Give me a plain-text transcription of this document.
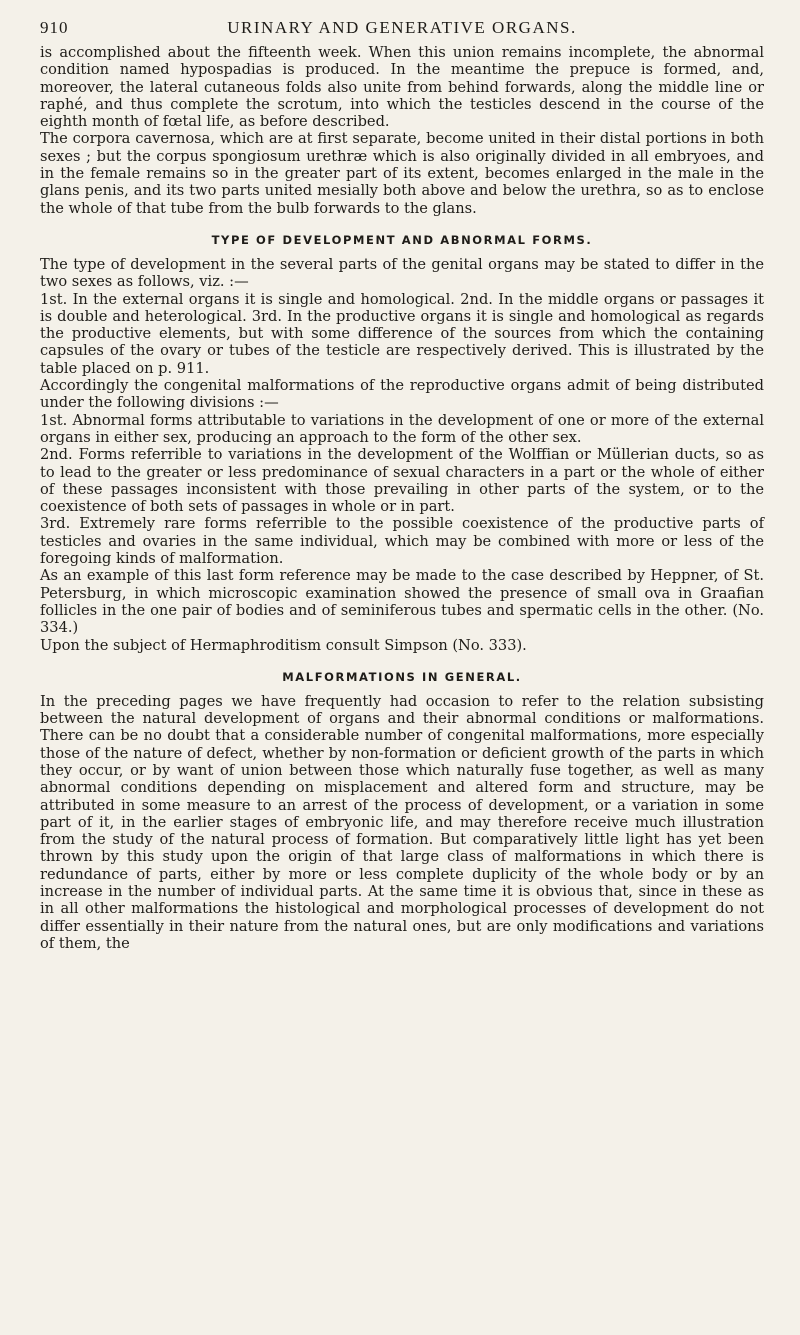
910	URINARY AND GENERATIVE ORGANS.

is accomplished about the fifteenth week. When this union remains incomplete, the abnormal condition named hypospadias is produced. In the meantime the prepuce is formed, and, moreover, the lateral cutaneous folds also unite from behind forwards, along the middle line or raphé, and thus complete the scrotum, into which the testicles descend in the course of the eighth month of fœtal life, as before described.

The corpora cavernosa, which are at first separate, become united in their distal portions in both sexes ; but the corpus spongiosum urethræ which is also originally divided in all embryoes, and in the female remains so in the greater part of its extent, becomes enlarged in the male in the glans penis, and its two parts united mesially both above and below the urethra, so as to enclose the whole of that tube from the bulb forwards to the glans.

TYPE OF DEVELOPMENT AND ABNORMAL FORMS.

The type of development in the several parts of the genital organs may be stated to differ in the two sexes as follows, viz. :—

1st. In the external organs it is single and homological. 2nd. In the middle organs or passages it is double and heterological. 3rd. In the productive organs it is single and homological as regards the productive elements, but with some difference of the sources from which the containing capsules of the ovary or tubes of the testicle are respectively derived. This is illustrated by the table placed on p. 911.

Accordingly the congenital malformations of the reproductive organs admit of being distributed under the following divisions :—

1st. Abnormal forms attributable to variations in the development of one or more of the external organs in either sex, producing an approach to the form of the other sex.

2nd. Forms referrible to variations in the development of the Wolffian or Müllerian ducts, so as to lead to the greater or less predominance of sexual characters in a part or the whole of either of these passages inconsistent with those prevailing in other parts of the system, or to the coexistence of both sets of passages in whole or in part.

3rd. Extremely rare forms referrible to the possible coexistence of the productive parts of testicles and ovaries in the same individual, which may be combined with more or less of the foregoing kinds of malformation.

As an example of this last form reference may be made to the case described by Heppner, of St. Petersburg, in which microscopic examination showed the presence of small ova in Graafian follicles in the one pair of bodies and of seminiferous tubes and spermatic cells in the other. (No. 334.)

Upon the subject of Hermaphroditism consult Simpson (No. 333).

MALFORMATIONS IN GENERAL.

In the preceding pages we have frequently had occasion to refer to the relation subsisting between the natural development of organs and their abnormal conditions or malformations. There can be no doubt that a considerable number of congenital malformations, more especially those of the nature of defect, whether by non-formation or deficient growth of the parts in which they occur, or by want of union between those which naturally fuse together, as well as many abnormal conditions depending on misplacement and altered form and structure, may be attributed in some measure to an arrest of the process of development, or a variation in some part of it, in the earlier stages of embryonic life, and may therefore receive much illustration from the study of the natural process of formation. But comparatively little light has yet been thrown by this study upon the origin of that large class of malformations in which there is redundance of parts, either by more or less complete duplicity of the whole body or by an increase in the number of individual parts. At the same time it is obvious that, since in these as in all other malformations the histological and morphological processes of development do not differ essentially in their nature from the natural ones, but are only modifications and variations of them, the
